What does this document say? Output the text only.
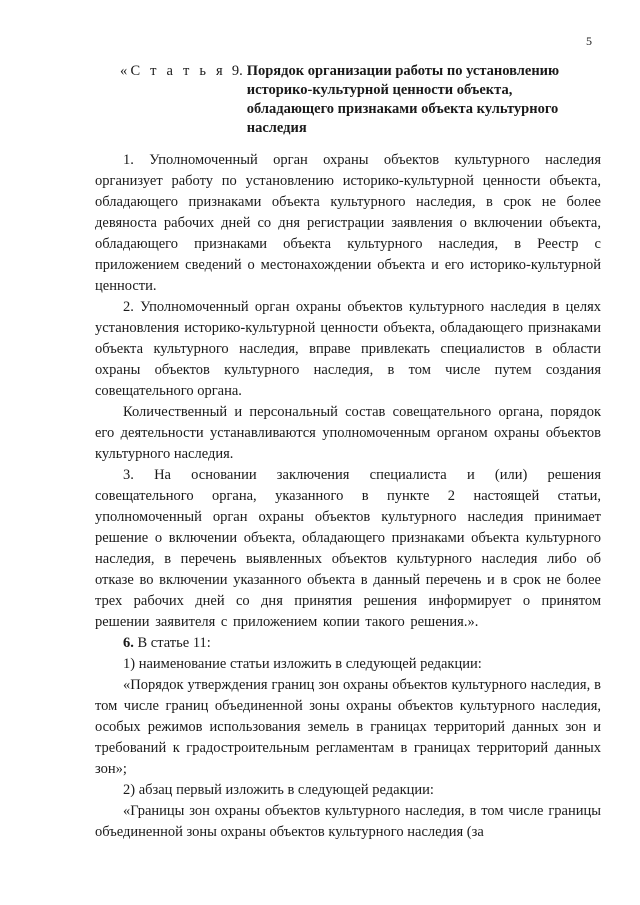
5
«С т а т ь я 9. Порядок организации работы по установлению историко-культурной ценности объекта, обладающего признаками объекта культурного наследия

1. Уполномоченный орган охраны объектов культурного наследия организует работу по установлению историко-культурной ценности объекта, обладающего признаками объекта культурного наследия, в срок не более девяноста рабочих дней со дня регистрации заявления о включении объекта, обладающего признаками объекта культурного наследия, в Реестр с приложением сведений о местонахождении объекта и его историко-культурной ценности.

2. Уполномоченный орган охраны объектов культурного наследия в целях установления историко-культурной ценности объекта, обладающего признаками объекта культурного наследия, вправе привлекать специалистов в области охраны объектов культурного наследия, в том числе путем создания совещательного органа.

Количественный и персональный состав совещательного органа, порядок его деятельности устанавливаются уполномоченным органом охраны объектов культурного наследия.

3. На основании заключения специалиста и (или) решения совещательного органа, указанного в пункте 2 настоящей статьи, уполномоченный орган охраны объектов культурного наследия принимает решение о включении объекта, обладающего признаками объекта культурного наследия, в перечень выявленных объектов культурного наследия либо об отказе во включении указанного объекта в данный перечень и в срок не более трех рабочих дней со дня принятия решения информирует о принятом решении заявителя с приложением копии такого решения.».

6. В статье 11:

1) наименование статьи изложить в следующей редакции:

«Порядок утверждения границ зон охраны объектов культурного наследия, в том числе границ объединенной зоны охраны объектов культурного наследия, особых режимов использования земель в границах территорий данных зон и требований к градостроительным регламентам в границах территорий данных зон»;

2) абзац первый изложить в следующей редакции:

«Границы зон охраны объектов культурного наследия, в том числе границы объединенной зоны охраны объектов культурного наследия (за
